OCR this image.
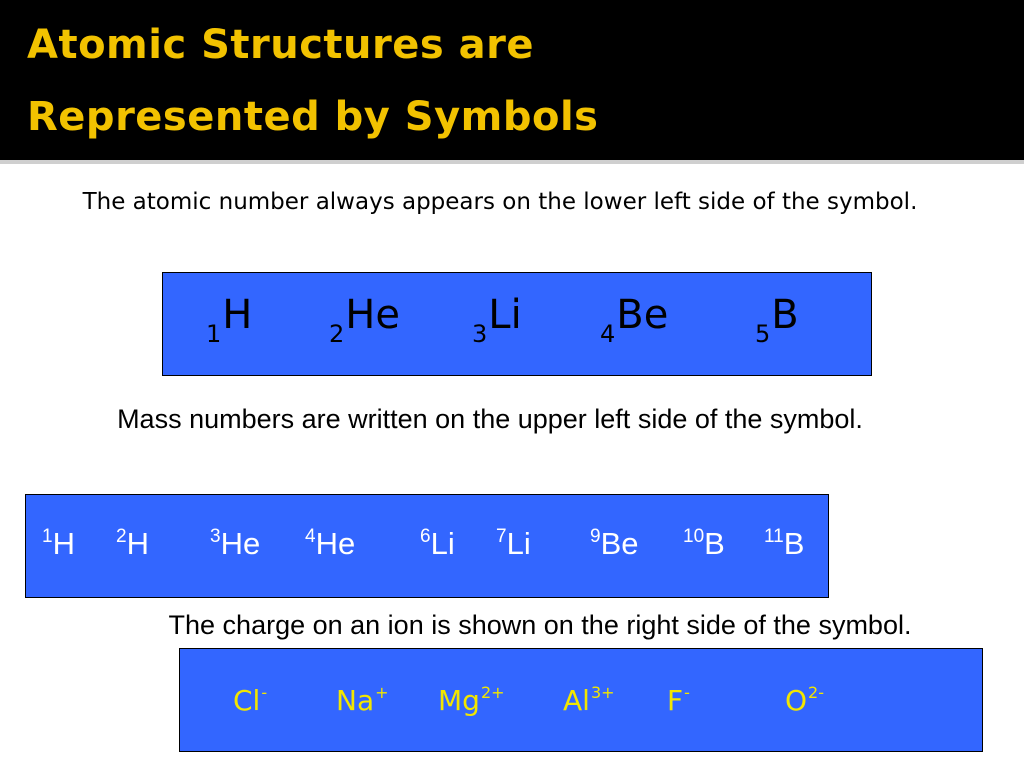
Atomic Structures are
Represented by Symbols

The atomic number always appears on the lower left side of the symbol.

$_1$H	$_2$He	$_3$Li	$_4$Be	$_5$B

Mass numbers are written on the upper left side of the symbol.

$^1$H $^2$H	$^3$He $^4$He	$^6$Li $^7$Li	$^9$Be $^{10}$B $^{11}$B

The charge on an ion is shown on the right side of the symbol.

Cl- Na+ $Mg^{2+}$ $Al^{3+}$ F-	$O^{2-}$
